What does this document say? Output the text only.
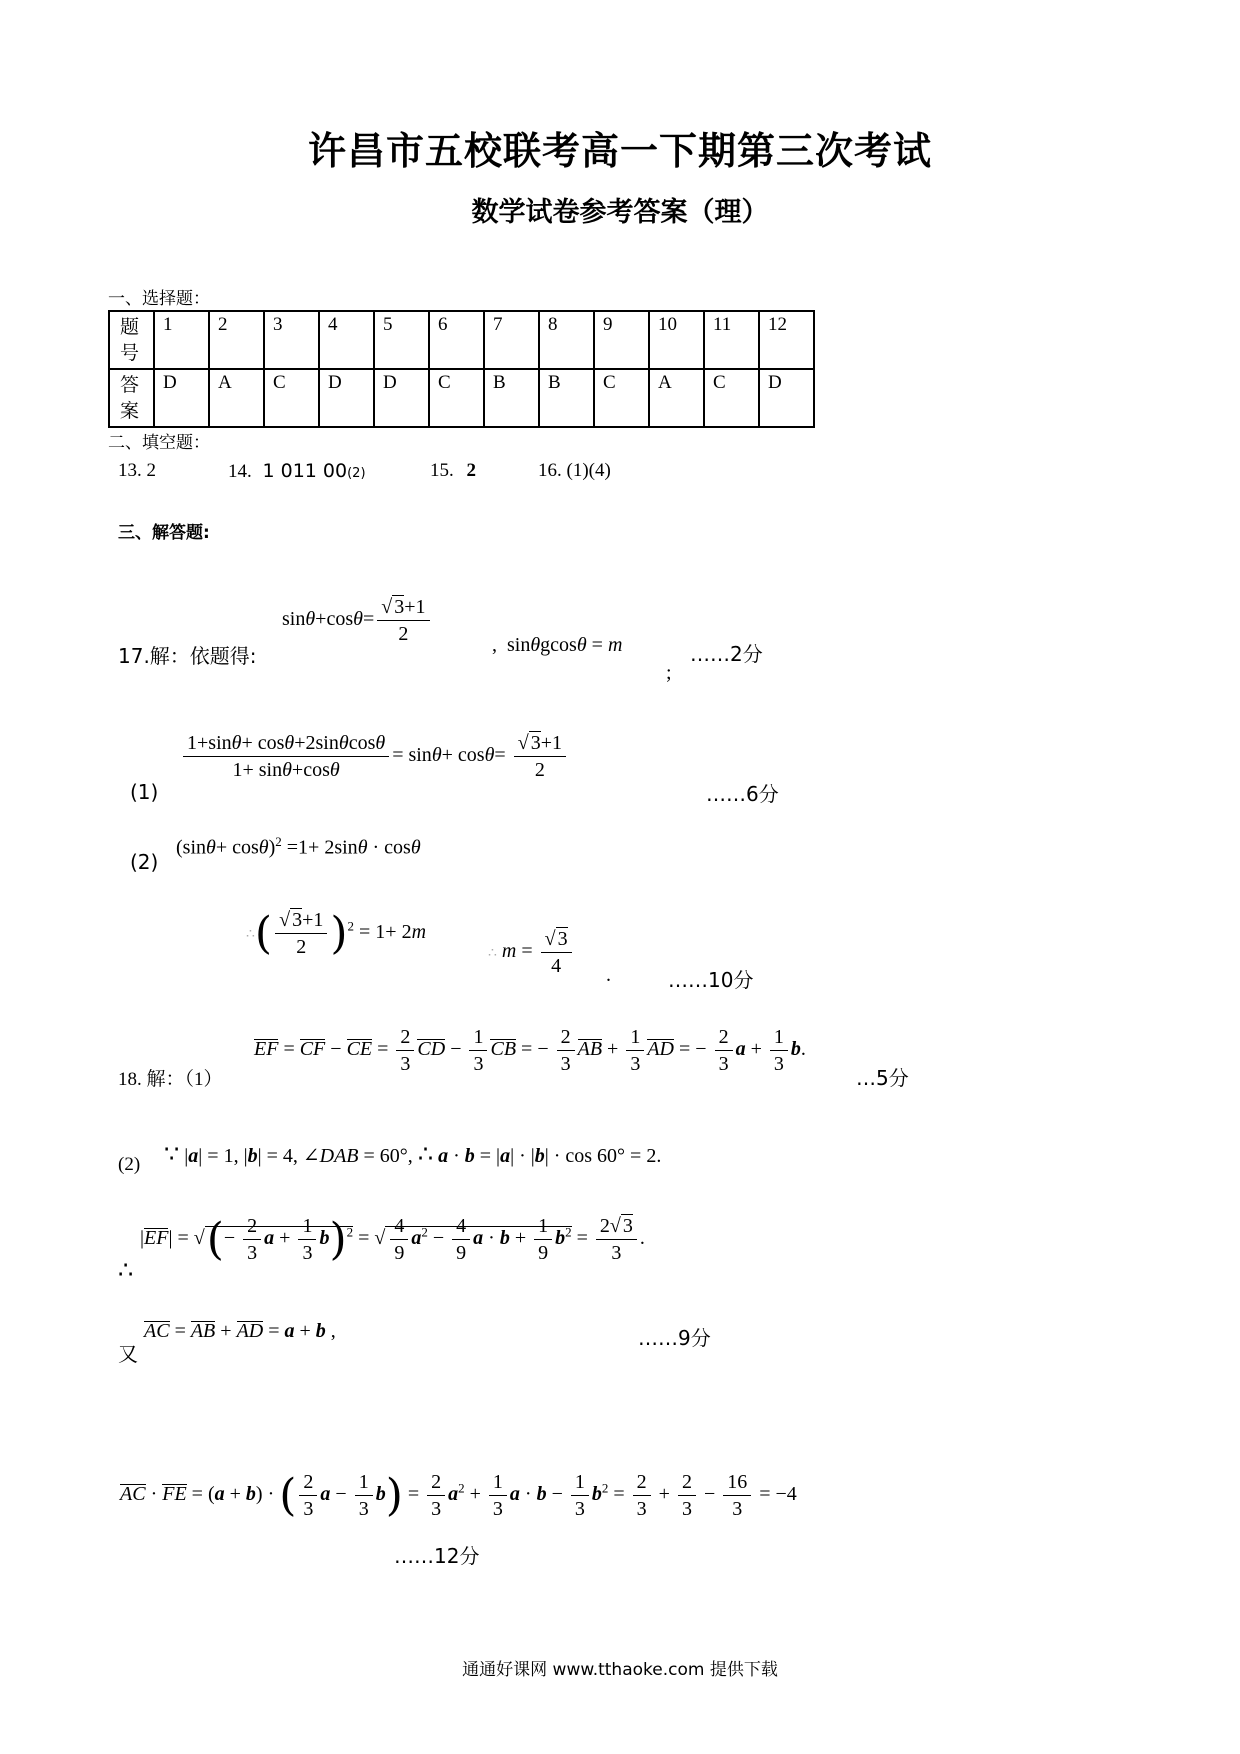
许昌市五校联考高一下期第三次考试
数学试卷参考答案（理）
一、选择题：
题号	1	2	3	4	5	6	7	8	9	10	11	12

答案	D	A	C	D	D	C	B	B	C	A	C	D
二、填空题：
13. 2	14. 1 011 00(2)	15. 2	16. (1)(4)
三、解答题:
17.解：依题得:
$\sin\theta+\cos\theta= \frac{√ 3+1}{2}$	,  sinθgcosθ = m
;
……2分
(1)
$\frac{1+\sin\theta+ \cos\theta+2\sin\theta\cos\theta}{1+ \sin\theta+\cos\theta} = \sin\theta+ \cos\theta= \frac{√ 3+1}{2}$
……6分
(2)
$(\sin\theta+ \cos\theta)^2 =1+ 2\sin\theta \cdot \cos\theta$
∴( $\frac{√ 3+1}{2} )^2 = 1+ 2m$
∴ $m = \frac{√ 3}{4}$ .	……10分
18. 解：（1）
EF = CF − CE = $\frac{2}{3}$ CD − $\frac{1}{3}$ CB = − $\frac{2}{3}$ AB + $\frac{1}{3}$ AD = − $\frac{2}{3}$ $a + \frac{1}{3} b$.
…5分
(2) ∵ |a| = 1, |b| = 4, ∠DAB = 60°, ∴ a · b = |a| · |b| · cos 60° = 2.
∴
|EF| = √(− $\frac{2}{3}$ $a + \frac{1}{3} b)^2$ = √ $\frac{4}{9} a^2 - \frac{4}{9}$ $a \cdot b + \frac{1}{9} b^2 = \frac{2√ 3}{3}$ .
又
AC = AB + AD = a + b ,	……9分
AC · FE = (a + b) · ( $\frac{2}{3}$ $a - \frac{1}{3} b) = \frac{2}{3} a^2 + \frac{1}{3}$ $a \cdot b - \frac{1}{3} b^2 = \frac{2}{3} + \frac{2}{3} - \frac{16}{3} = -4$
……12分
通通好课网 www.tthaoke.com 提供下载
